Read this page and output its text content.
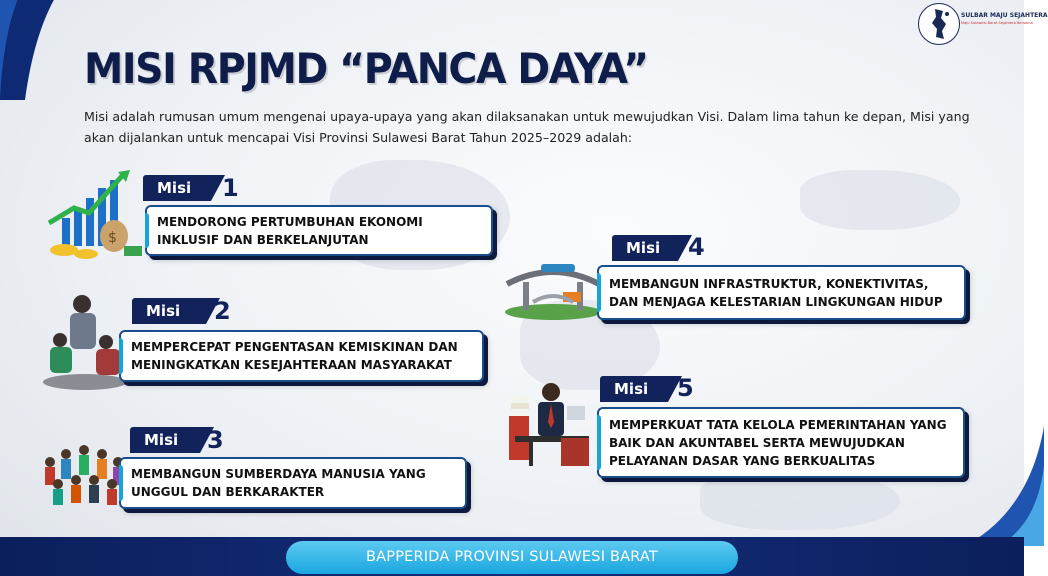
SULBAR MAJU SEJAHTERA
Maju Sulawesi Barat Sejahtera Bersama
MISI RPJMD “PANCA DAYA”

Misi adalah rumusan umum mengenai upaya-upaya yang akan dilaksanakan untuk mewujudkan Visi. Dalam lima tahun ke depan, Misi yang akan dijalankan untuk mencapai Visi Provinsi Sulawesi Barat Tahun 2025–2029 adalah:

$
Misi	1
MENDORONG PERTUMBUHAN EKONOMI INKLUSIF DAN BERKELANJUTAN
Misi	2
MEMPERCEPAT PENGENTASAN KEMISKINAN DAN MENINGKATKAN KESEJAHTERAAN MASYARAKAT
Misi	3
MEMBANGUN SUMBERDAYA MANUSIA YANG UNGGUL DAN BERKARAKTER
Misi	4
MEMBANGUN INFRASTRUKTUR, KONEKTIVITAS, DAN MENJAGA KELESTARIAN LINGKUNGAN HIDUP
Misi	5
MEMPERKUAT TATA KELOLA PEMERINTAHAN YANG BAIK DAN AKUNTABEL SERTA MEWUJUDKAN PELAYANAN DASAR YANG BERKUALITAS
BAPPERIDA PROVINSI SULAWESI BARAT
